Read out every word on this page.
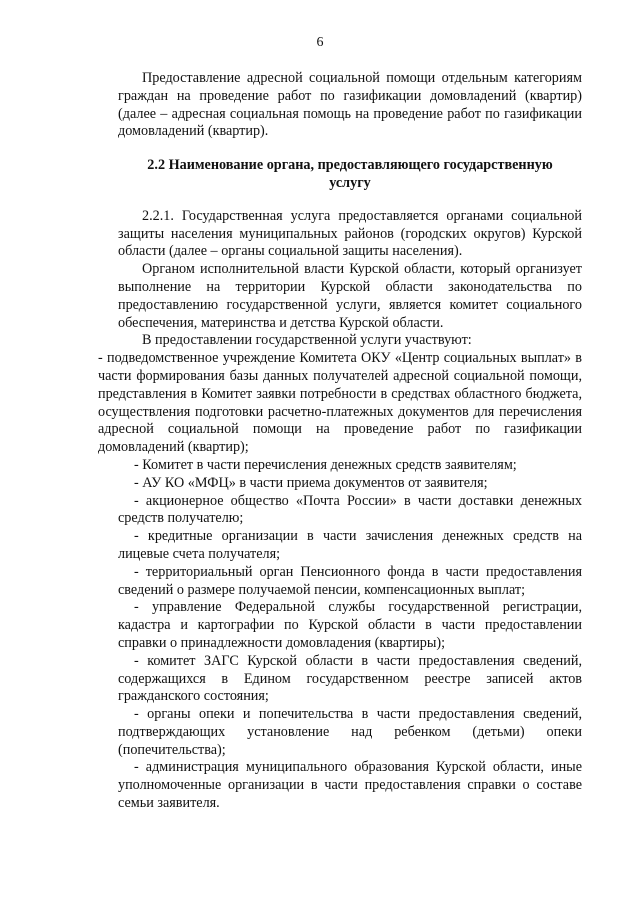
6

Предоставление адресной социальной помощи отдельным категориям граждан на проведение работ по газификации домовладений (квартир) (далее – адресная социальная помощь на проведение работ по газификации домовладений (квартир).

2.2 Наименование органа, предоставляющего государственную услугу

2.2.1. Государственная услуга предоставляется органами социальной защиты населения муниципальных районов (городских округов) Курской области (далее – органы социальной защиты населения).

Органом исполнительной власти Курской области, который организует выполнение на территории Курской области законодательства по предоставлению государственной услуги, является комитет социального обеспечения, материнства и детства Курской области.

В предоставлении государственной услуги участвуют:

- подведомственное учреждение Комитета ОКУ «Центр социальных выплат» в части формирования базы данных получателей адресной социальной помощи, представления в Комитет заявки потребности в средствах областного бюджета, осуществления подготовки расчетно-платежных документов для перечисления адресной социальной помощи на проведение работ по газификации домовладений (квартир);

- Комитет в части перечисления денежных средств заявителям;

- АУ КО «МФЦ» в части приема документов от заявителя;

- акционерное общество «Почта России» в части доставки денежных средств получателю;

- кредитные организации в части зачисления денежных средств на лицевые счета получателя;

- территориальный орган Пенсионного фонда в части предоставления сведений о размере получаемой пенсии, компенсационных выплат;

- управление Федеральной службы государственной регистрации, кадастра и картографии по Курской области в части предоставлении справки о принадлежности домовладения (квартиры);

- комитет ЗАГС Курской области в части предоставления сведений, содержащихся в Едином государственном реестре записей актов гражданского состояния;

- органы опеки и попечительства в части предоставления сведений, подтверждающих установление над ребенком (детьми) опеки (попечительства);

- администрация муниципального образования Курской области, иные уполномоченные организации в части предоставления справки о составе семьи заявителя.
